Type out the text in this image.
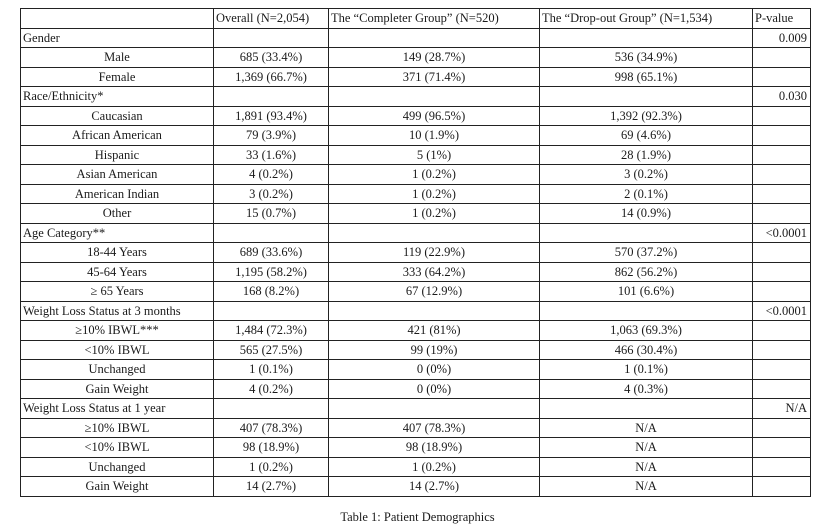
	Overall (N=2,054)	The “Completer Group” (N=520)	The “Drop-out Group” (N=1,534)	P-value
Gender				0.009
Male	685 (33.4%)	149 (28.7%)	536 (34.9%)	
Female	1,369 (66.7%)	371 (71.4%)	998 (65.1%)	
Race/Ethnicity*				0.030
Caucasian	1,891 (93.4%)	499 (96.5%)	1,392 (92.3%)	
African American	79 (3.9%)	10 (1.9%)	69 (4.6%)	
Hispanic	33 (1.6%)	5 (1%)	28 (1.9%)	
Asian American	4 (0.2%)	1 (0.2%)	3 (0.2%)	
American Indian	3 (0.2%)	1 (0.2%)	2 (0.1%)	
Other	15 (0.7%)	1 (0.2%)	14 (0.9%)	
Age Category**				<0.0001
18-44 Years	689 (33.6%)	119 (22.9%)	570 (37.2%)	
45-64 Years	1,195 (58.2%)	333 (64.2%)	862 (56.2%)	
≥ 65 Years	168 (8.2%)	67 (12.9%)	101 (6.6%)	
Weight Loss Status at 3 months				<0.0001
≥10% IBWL***	1,484 (72.3%)	421 (81%)	1,063 (69.3%)	
<10% IBWL	565 (27.5%)	99 (19%)	466 (30.4%)	
Unchanged	1 (0.1%)	0 (0%)	1 (0.1%)	
Gain Weight	4 (0.2%)	0 (0%)	4 (0.3%)	
Weight Loss Status at 1 year				N/A
≥10% IBWL	407 (78.3%)	407 (78.3%)	N/A	
<10% IBWL	98 (18.9%)	98 (18.9%)	N/A	
Unchanged	1 (0.2%)	1 (0.2%)	N/A	
Gain Weight	14 (2.7%)	14 (2.7%)	N/A	
Table 1: Patient Demographics
